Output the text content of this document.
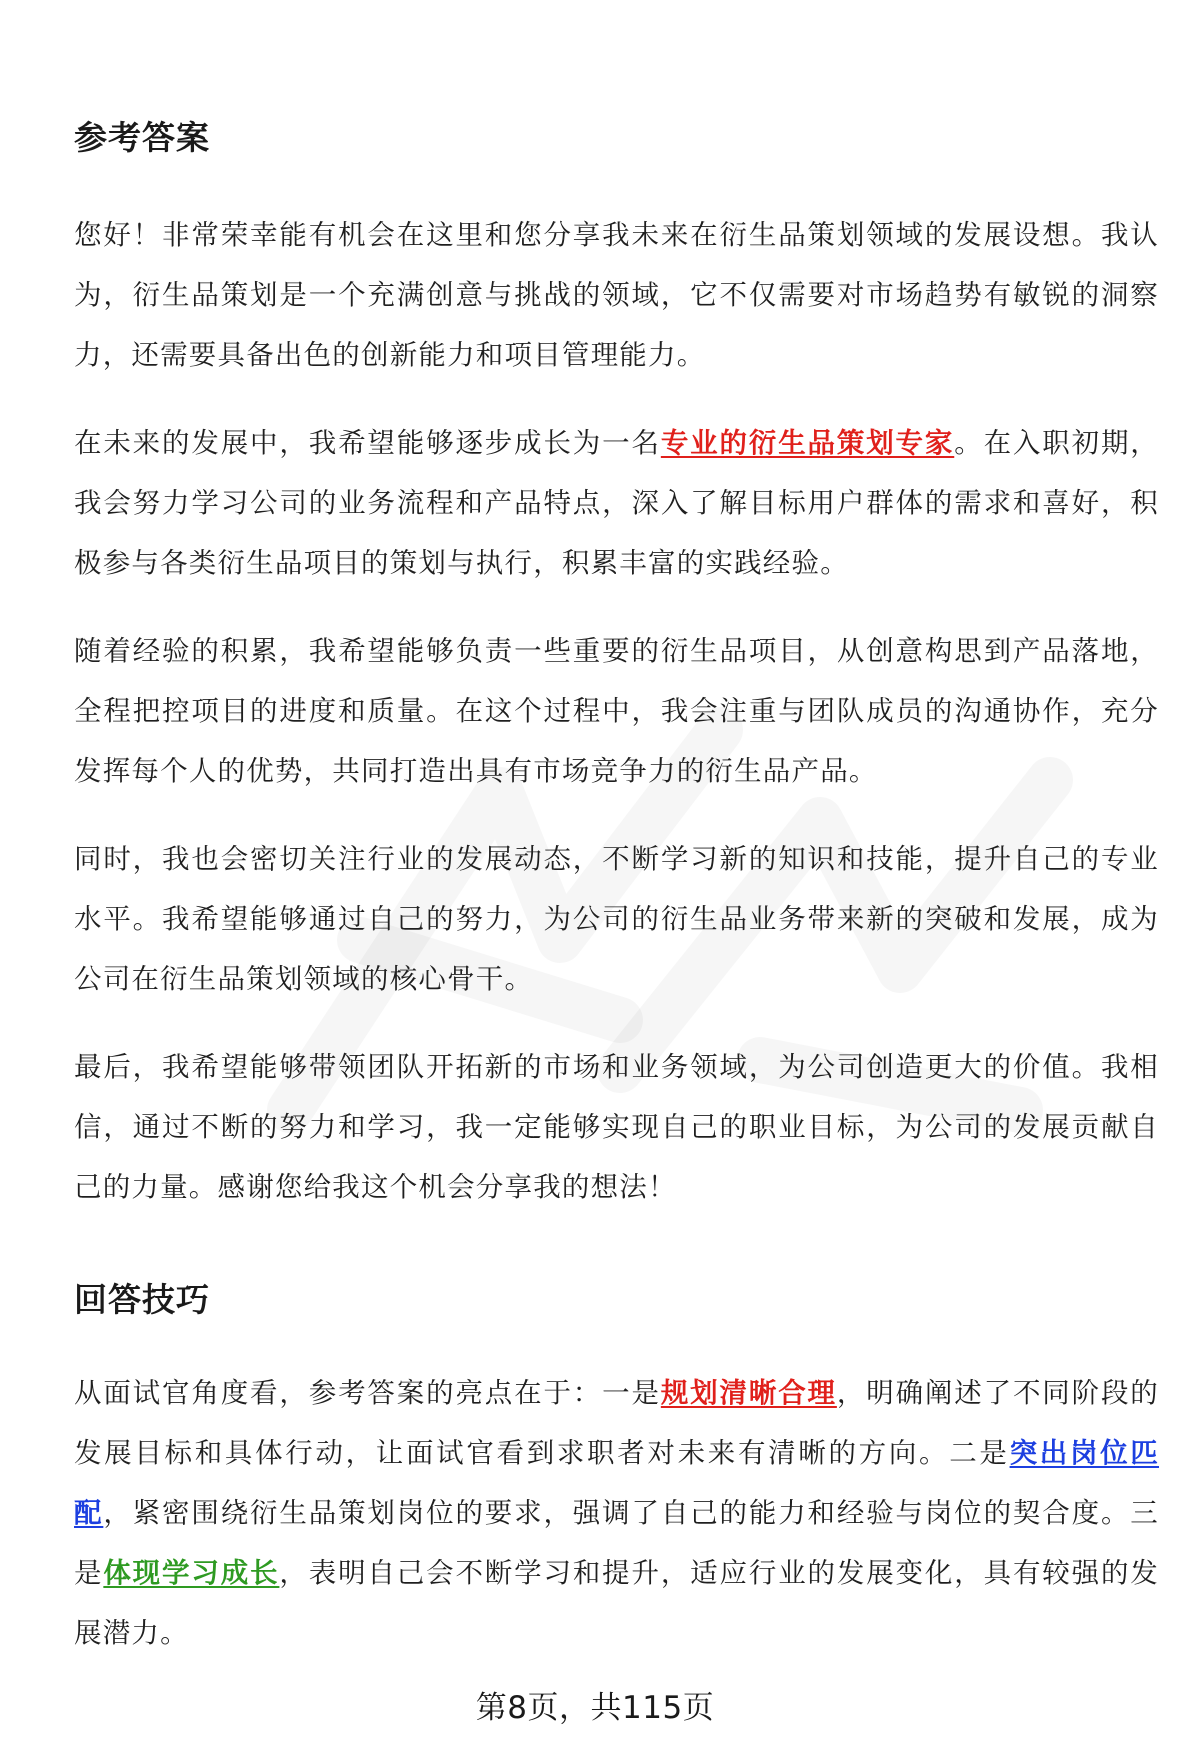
参考答案

您好！非常荣幸能有机会在这里和您分享我未来在衍生品策划领域的发展设想。我认为，衍生品策划是一个充满创意与挑战的领域，它不仅需要对市场趋势有敏锐的洞察力，还需要具备出色的创新能力和项目管理能力。

在未来的发展中，我希望能够逐步成长为一名专业的衍生品策划专家。在入职初期，我会努力学习公司的业务流程和产品特点，深入了解目标用户群体的需求和喜好，积极参与各类衍生品项目的策划与执行，积累丰富的实践经验。

随着经验的积累，我希望能够负责一些重要的衍生品项目，从创意构思到产品落地，全程把控项目的进度和质量。在这个过程中，我会注重与团队成员的沟通协作，充分发挥每个人的优势，共同打造出具有市场竞争力的衍生品产品。

同时，我也会密切关注行业的发展动态，不断学习新的知识和技能，提升自己的专业水平。我希望能够通过自己的努力，为公司的衍生品业务带来新的突破和发展，成为公司在衍生品策划领域的核心骨干。

最后，我希望能够带领团队开拓新的市场和业务领域，为公司创造更大的价值。我相信，通过不断的努力和学习，我一定能够实现自己的职业目标，为公司的发展贡献自己的力量。感谢您给我这个机会分享我的想法！

回答技巧

从面试官角度看，参考答案的亮点在于：一是规划清晰合理，明确阐述了不同阶段的发展目标和具体行动，让面试官看到求职者对未来有清晰的方向。二是突出岗位匹配，紧密围绕衍生品策划岗位的要求，强调了自己的能力和经验与岗位的契合度。三是体现学习成长，表明自己会不断学习和提升，适应行业的发展变化，具有较强的发展潜力。

第8页，共115页
